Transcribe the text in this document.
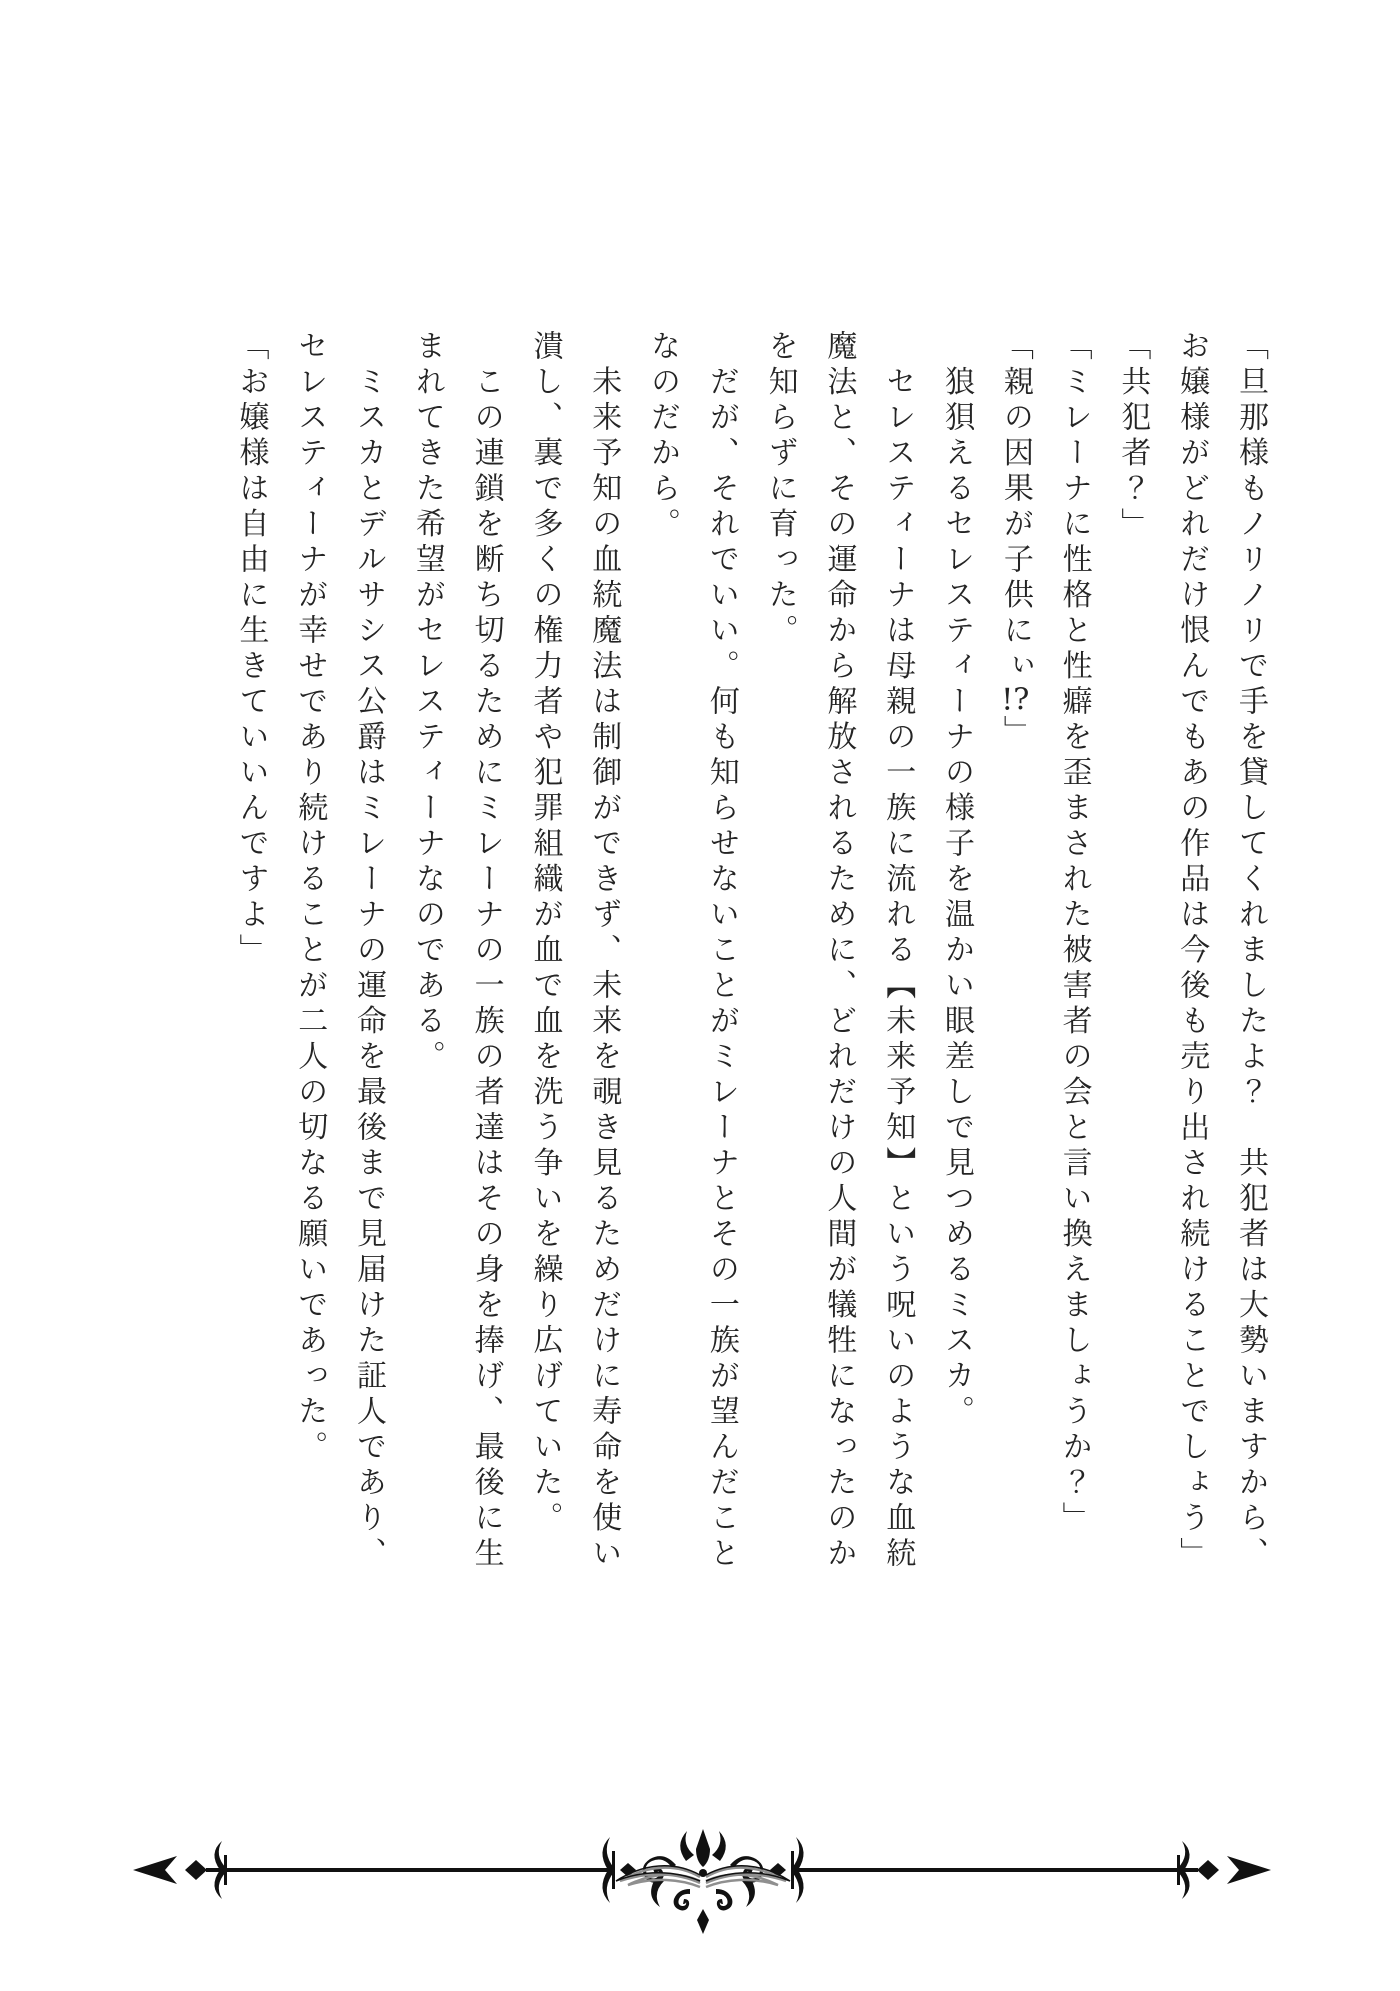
「旦那様もノリノリで手を貸してくれましたよ？　共犯者は大勢いますから、

お嬢様がどれだけ恨んでもあの作品は今後も売り出され続けることでしょう」

「共犯者？」

「ミレーナに性格と性癖を歪まされた被害者の会と言い換えましょうか？」

「親の因果が子供にぃ!?」

　狼狽えるセレスティーナの様子を温かい眼差しで見つめるミスカ。

　セレスティーナは母親の一族に流れる【未来予知】という呪いのような血統

魔法と、その運命から解放されるために、どれだけの人間が犠牲になったのか

を知らずに育った。

　だが、それでいい。何も知らせないことがミレーナとその一族が望んだこと

なのだから。

　未来予知の血統魔法は制御ができず、未来を覗き見るためだけに寿命を使い

潰し、裏で多くの権力者や犯罪組織が血で血を洗う争いを繰り広げていた。

　この連鎖を断ち切るためにミレーナの一族の者達はその身を捧げ、最後に生

まれてきた希望がセレスティーナなのである。

　ミスカとデルサシス公爵はミレーナの運命を最後まで見届けた証人であり、

セレスティーナが幸せであり続けることが二人の切なる願いであった。

「お嬢様は自由に生きていいんですよ」
